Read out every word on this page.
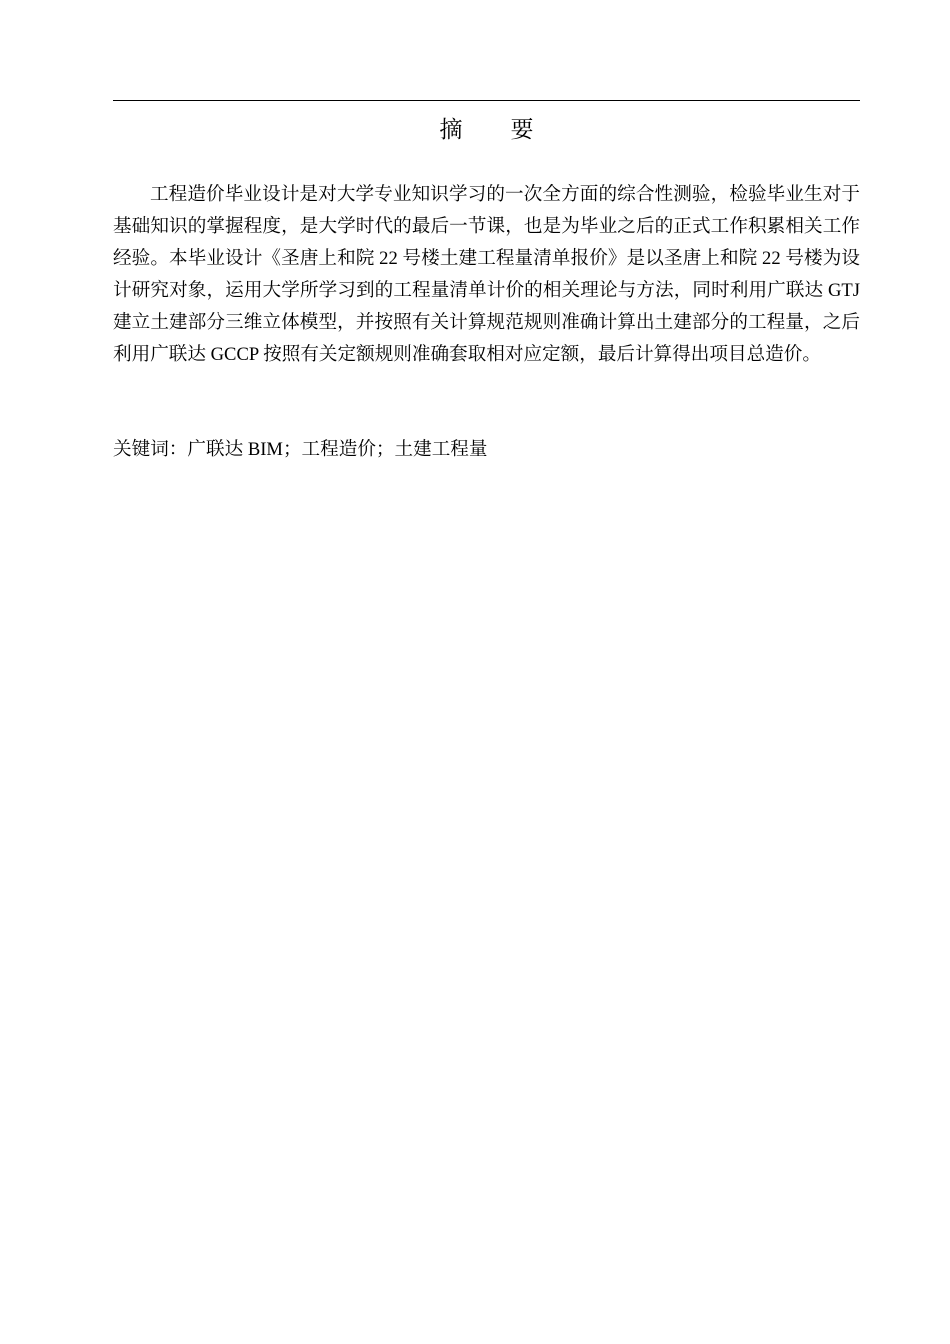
摘 要

工程造价毕业设计是对大学专业知识学习的一次全方面的综合性测验，检验毕业生对于基础知识的掌握程度，是大学时代的最后一节课，也是为毕业之后的正式工作积累相关工作经验。本毕业设计《圣唐上和院 22 号楼土建工程量清单报价》是以圣唐上和院 22 号楼为设计研究对象，运用大学所学习到的工程量清单计价的相关理论与方法，同时利用广联达 GTJ 建立土建部分三维立体模型，并按照有关计算规范规则准确计算出土建部分的工程量，之后利用广联达 GCCP 按照有关定额规则准确套取相对应定额，最后计算得出项目总造价。

关键词：广联达 BIM；工程造价；土建工程量
